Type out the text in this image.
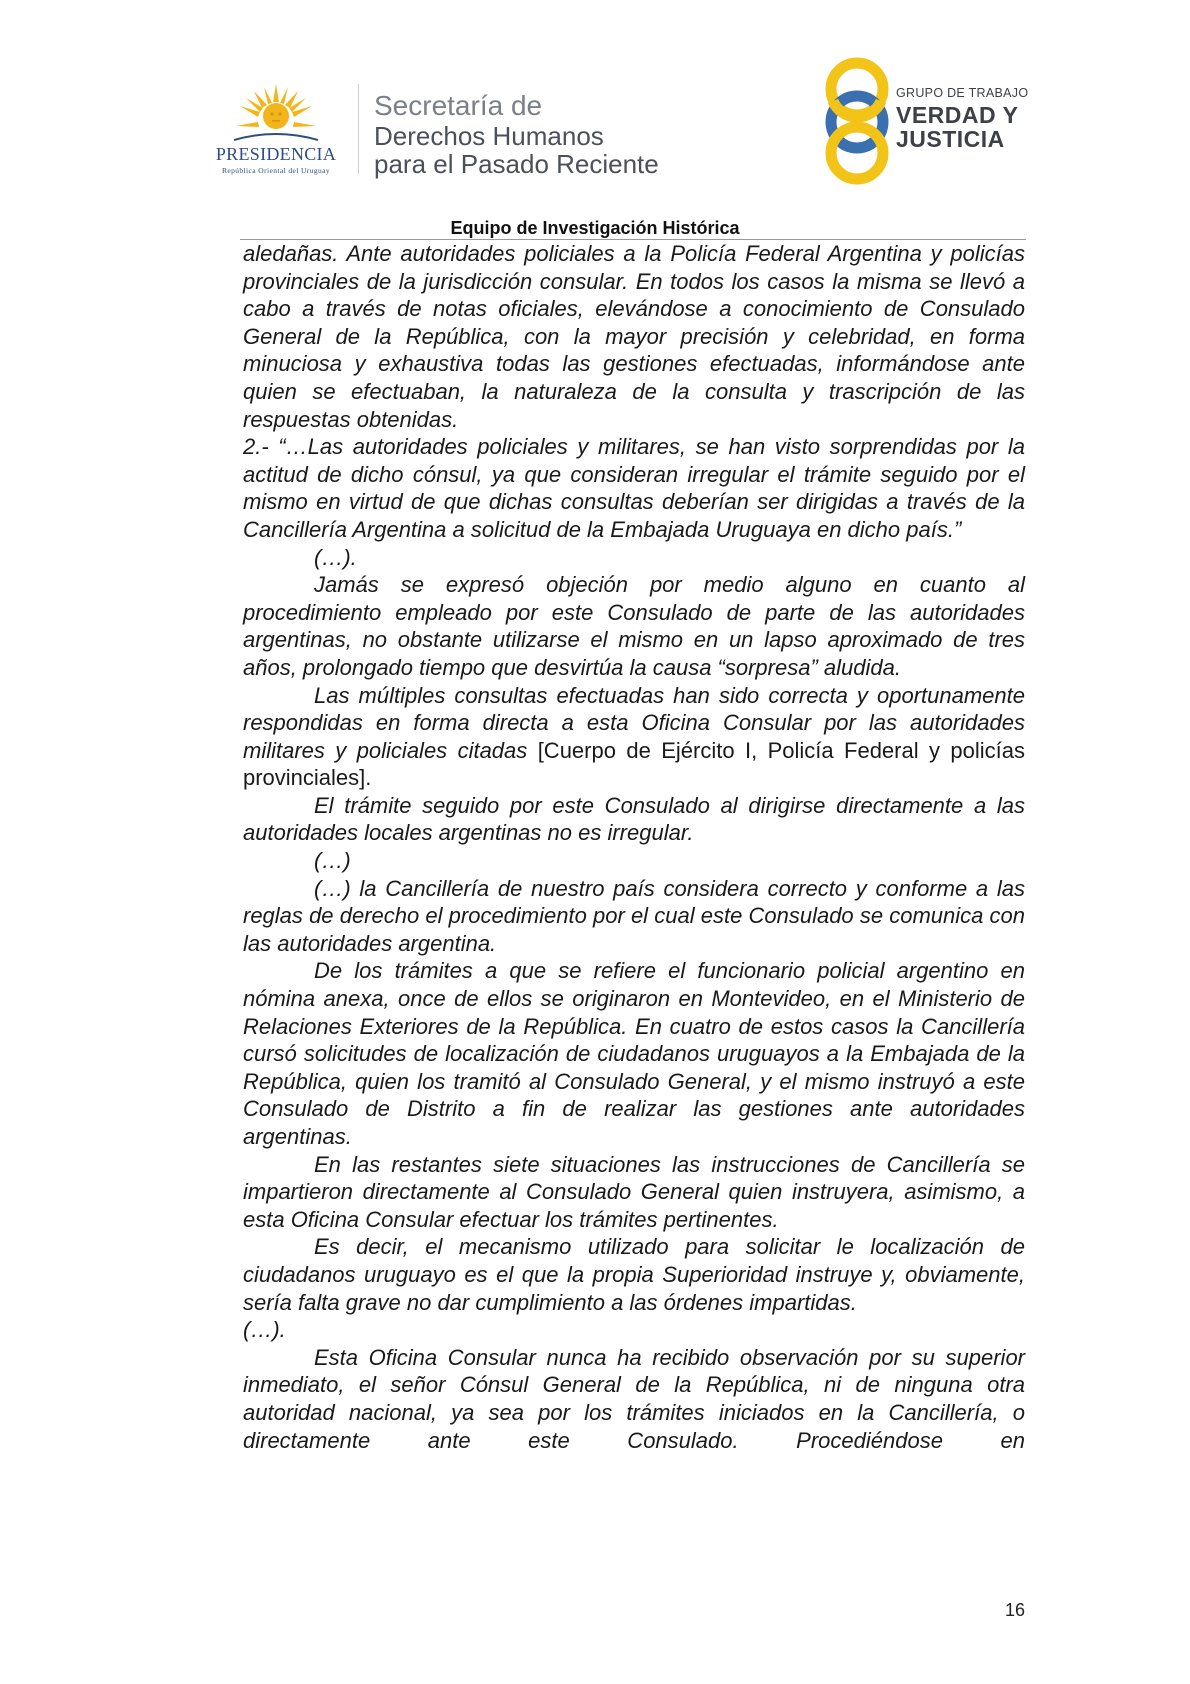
PRESIDENCIA
República Oriental del Uruguay
Secretaría de
Derechos Humanos
para el Pasado Reciente
GRUPO DE TRABAJO
VERDAD Y
JUSTICIA
Equipo de Investigación Histórica

aledañas. Ante autoridades policiales a la Policía Federal Argentina y policías provinciales de la jurisdicción consular. En todos los casos la misma se llevó a cabo a través de notas oficiales, elevándose a conocimiento de Consulado General de la República, con la mayor precisión y celebridad, en forma minuciosa y exhaustiva todas las gestiones efectuadas, informándose ante quien se efectuaban, la naturaleza de la consulta y trascripción de las respuestas obtenidas.

2.- “…Las autoridades policiales y militares, se han visto sorprendidas por la actitud de dicho cónsul, ya que consideran irregular el trámite seguido por el mismo en virtud de que dichas consultas deberían ser dirigidas a través de la Cancillería Argentina a solicitud de la Embajada Uruguaya en dicho país.”

(…).

Jamás se expresó objeción por medio alguno en cuanto al procedimiento empleado por este Consulado de parte de las autoridades argentinas, no obstante utilizarse el mismo en un lapso aproximado de tres años, prolongado tiempo que desvirtúa la causa “sorpresa” aludida.

Las múltiples consultas efectuadas han sido correcta y oportunamente respondidas en forma directa a esta Oficina Consular por las autoridades militares y policiales citadas [Cuerpo de Ejército I, Policía Federal y policías provinciales].

El trámite seguido por este Consulado al dirigirse directamente a las autoridades locales argentinas no es irregular.

(…)

(…) la Cancillería de nuestro país considera correcto y conforme a las reglas de derecho el procedimiento por el cual este Consulado se comunica con las autoridades argentina.

De los trámites a que se refiere el funcionario policial argentino en nómina anexa, once de ellos se originaron en Montevideo, en el Ministerio de Relaciones Exteriores de la República. En cuatro de estos casos la Cancillería cursó solicitudes de localización de ciudadanos uruguayos a la Embajada de la República, quien los tramitó al Consulado General, y el mismo instruyó a este Consulado de Distrito a fin de realizar las gestiones ante autoridades argentinas.

En las restantes siete situaciones las instrucciones de Cancillería se impartieron directamente al Consulado General quien instruyera, asimismo, a esta Oficina Consular efectuar los trámites pertinentes.

Es decir, el mecanismo utilizado para solicitar le localización de ciudadanos uruguayo es el que la propia Superioridad instruye y, obviamente, sería falta grave no dar cumplimiento a las órdenes impartidas.

(…).

Esta Oficina Consular nunca ha recibido observación por su superior inmediato, el señor Cónsul General de la República, ni de ninguna otra autoridad nacional, ya sea por los trámites iniciados en la Cancillería, o directamente ante este Consulado. Procediéndose en

16
